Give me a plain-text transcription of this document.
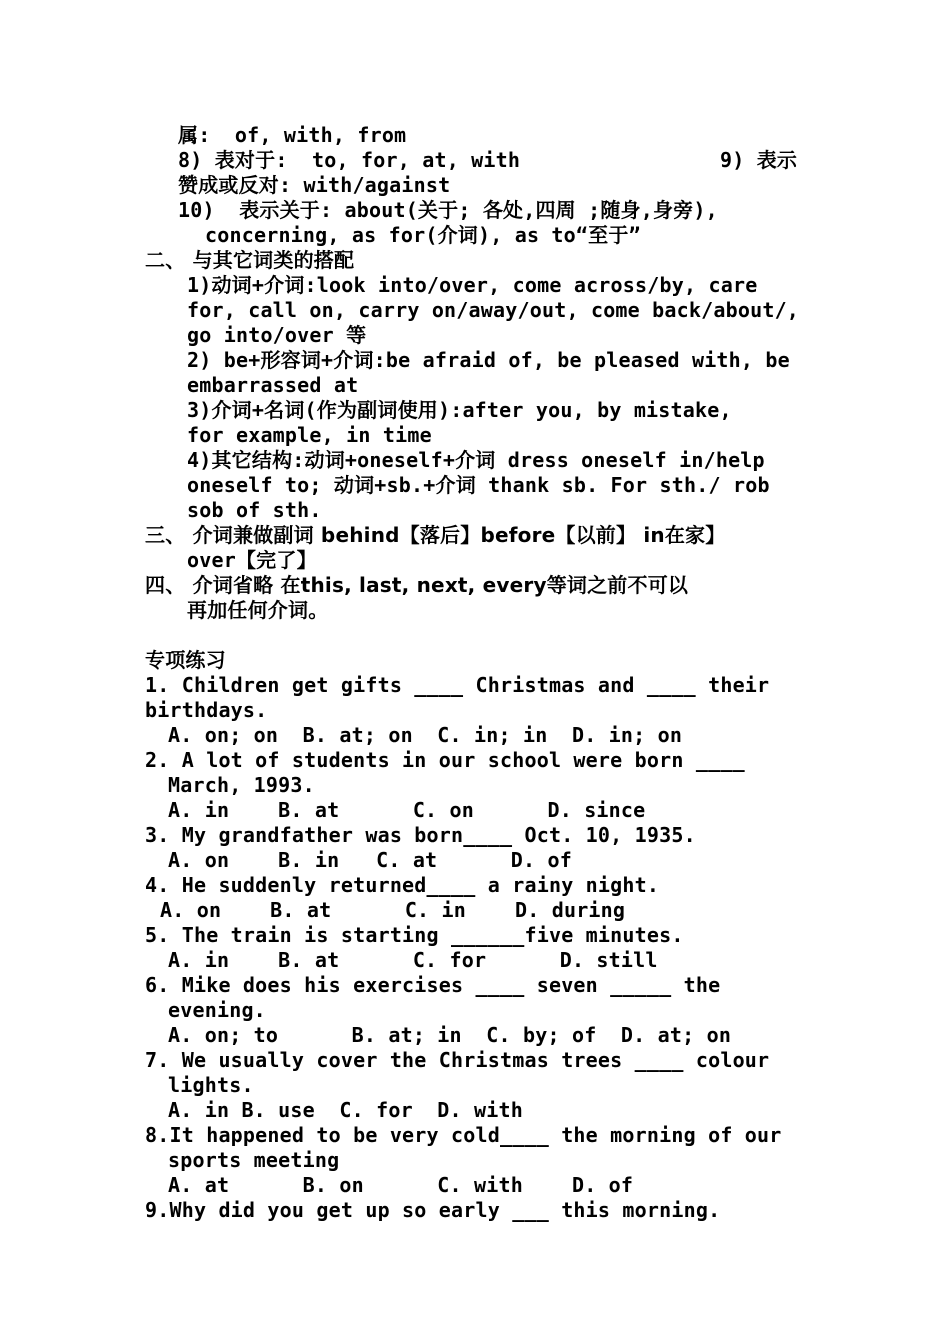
属:  of, with, from
8) 表对于:  to, for, at, with	9) 表示
赞成或反对: with/against
10)  表示关于: about(关于; 各处,四周 ;随身,身旁),
concerning, as for(介词), as to“至于”
二、 与其它词类的搭配
1)动词+介词:look into/over, come across/by, care
for, call on, carry on/away/out, come back/about/,
go into/over 等
2) be+形容词+介词:be afraid of, be pleased with, be
embarrassed at
3)介词+名词(作为副词使用):after you, by mistake,
for example, in time
4)其它结构:动词+oneself+介词 dress oneself in/help
oneself to; 动词+sb.+介词 thank sb. For sth./ rob
sob of sth.
三、 介词兼做副词 behind【落后】before【以前】 in在家】
over【完了】
四、 介词省略 在this, last, next, every等词之前不可以
再加任何介词。
专项练习
1. Children get gifts ____ Christmas and ____ their
birthdays.
A. on; on  B. at; on  C. in; in  D. in; on
2. A lot of students in our school were born ____
March, 1993.
A. in    B. at      C. on      D. since
3. My grandfather was born____ Oct. 10, 1935.
A. on    B. in   C. at      D. of
4. He suddenly returned____ a rainy night.
A. on    B. at      C. in    D. during
5. The train is starting ______five minutes.
A. in    B. at      C. for      D. still
6. Mike does his exercises ____ seven _____ the
evening.
A. on; to      B. at; in  C. by; of  D. at; on
7. We usually cover the Christmas trees ____ colour
lights.
A. in B. use  C. for  D. with
8.It happened to be very cold____ the morning of our
sports meeting
A. at      B. on      C. with    D. of
9.Why did you get up so early ___ this morning.
